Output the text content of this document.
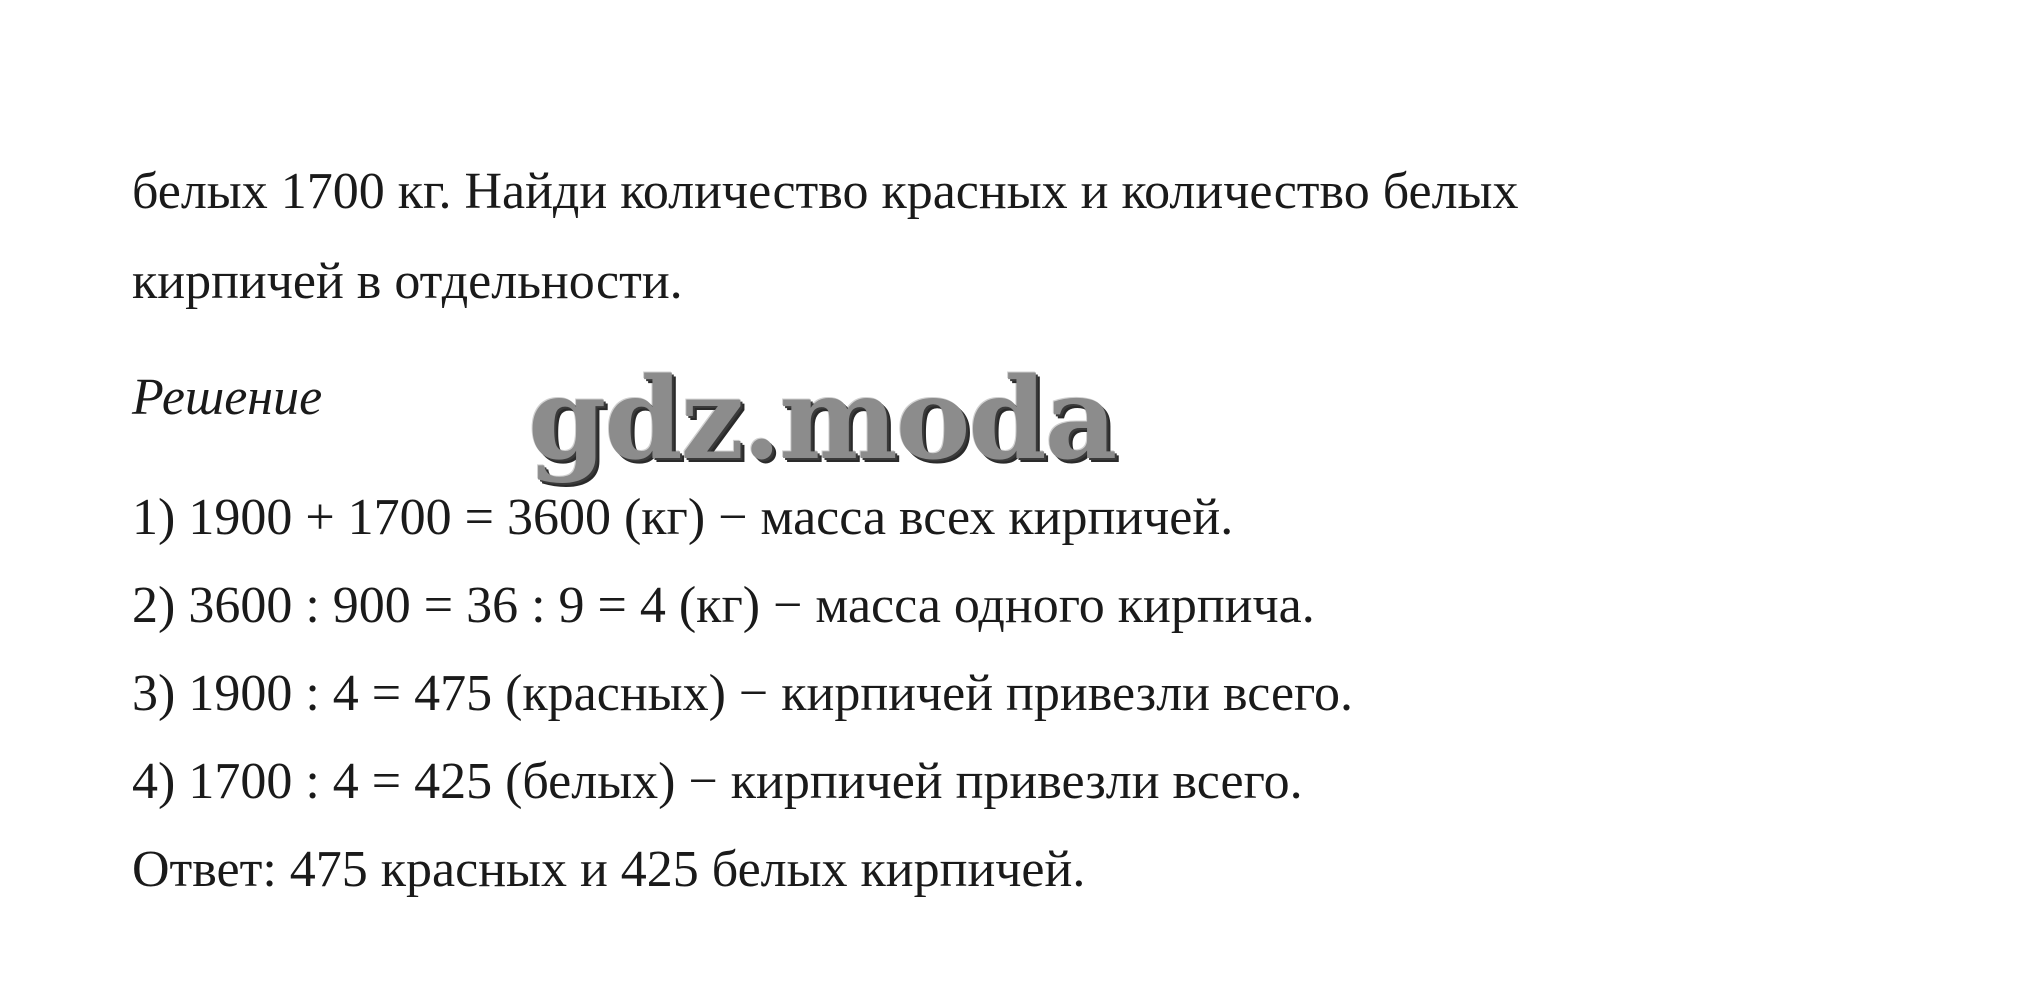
белых 1700 кг. Найди количество красных и количество белых

кирпичей в отдельности.

Решение gdz.moda

1) 1900 + 1700 = 3600 (кг) − масса всех кирпичей.

2) 3600 : 900 = 36 : 9 = 4 (кг) − масса одного кирпича.

3) 1900 : 4 = 475 (красных) − кирпичей привезли всего.

4) 1700 : 4 = 425 (белых) − кирпичей привезли всего.

Ответ: 475 красных и 425 белых кирпичей.
